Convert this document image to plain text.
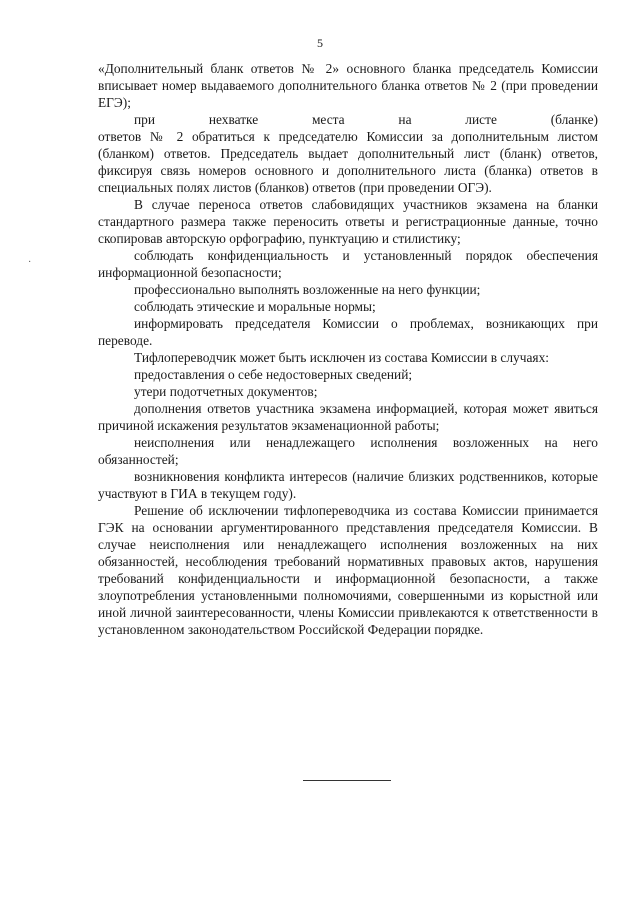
5
·

«Дополнительный бланк ответов № 2» основного бланка председатель Комиссии вписывает номер выдаваемого дополнительного бланка ответов № 2 (при проведении ЕГЭ);

при нехватке места на листе (бланке)

ответов № 2 обратиться к председателю Комиссии за дополнительным листом (бланком) ответов. Председатель выдает дополнительный лист (бланк) ответов, фиксируя связь номеров основного и дополнительного листа (бланка) ответов в специальных полях листов (бланков) ответов (при проведении ОГЭ).

В случае переноса ответов слабовидящих участников экзамена на бланки стандартного размера также переносить ответы и регистрационные данные, точно скопировав авторскую орфографию, пунктуацию и стилистику;

соблюдать конфиденциальность и установленный порядок обеспечения информационной безопасности;

профессионально выполнять возложенные на него функции;

соблюдать этические и моральные нормы;

информировать председателя Комиссии о проблемах, возникающих при переводе.

Тифлопереводчик может быть исключен из состава Комиссии в случаях:

предоставления о себе недостоверных сведений;

утери подотчетных документов;

дополнения ответов участника экзамена информацией, которая может явиться причиной искажения результатов экзаменационной работы;

неисполнения или ненадлежащего исполнения возложенных на него обязанностей;

возникновения конфликта интересов (наличие близких родственников, которые участвуют в ГИА в текущем году).

Решение об исключении тифлопереводчика из состава Комиссии принимается ГЭК на основании аргументированного представления председателя Комиссии. В случае неисполнения или ненадлежащего исполнения возложенных на них обязанностей, несоблюдения требований нормативных правовых актов, нарушения требований конфиденциальности и информационной безопасности, а также злоупотребления установленными полномочиями, совершенными из корыстной или иной личной заинтересованности, члены Комиссии привлекаются к ответственности в установленном законодательством Российской Федерации порядке.
